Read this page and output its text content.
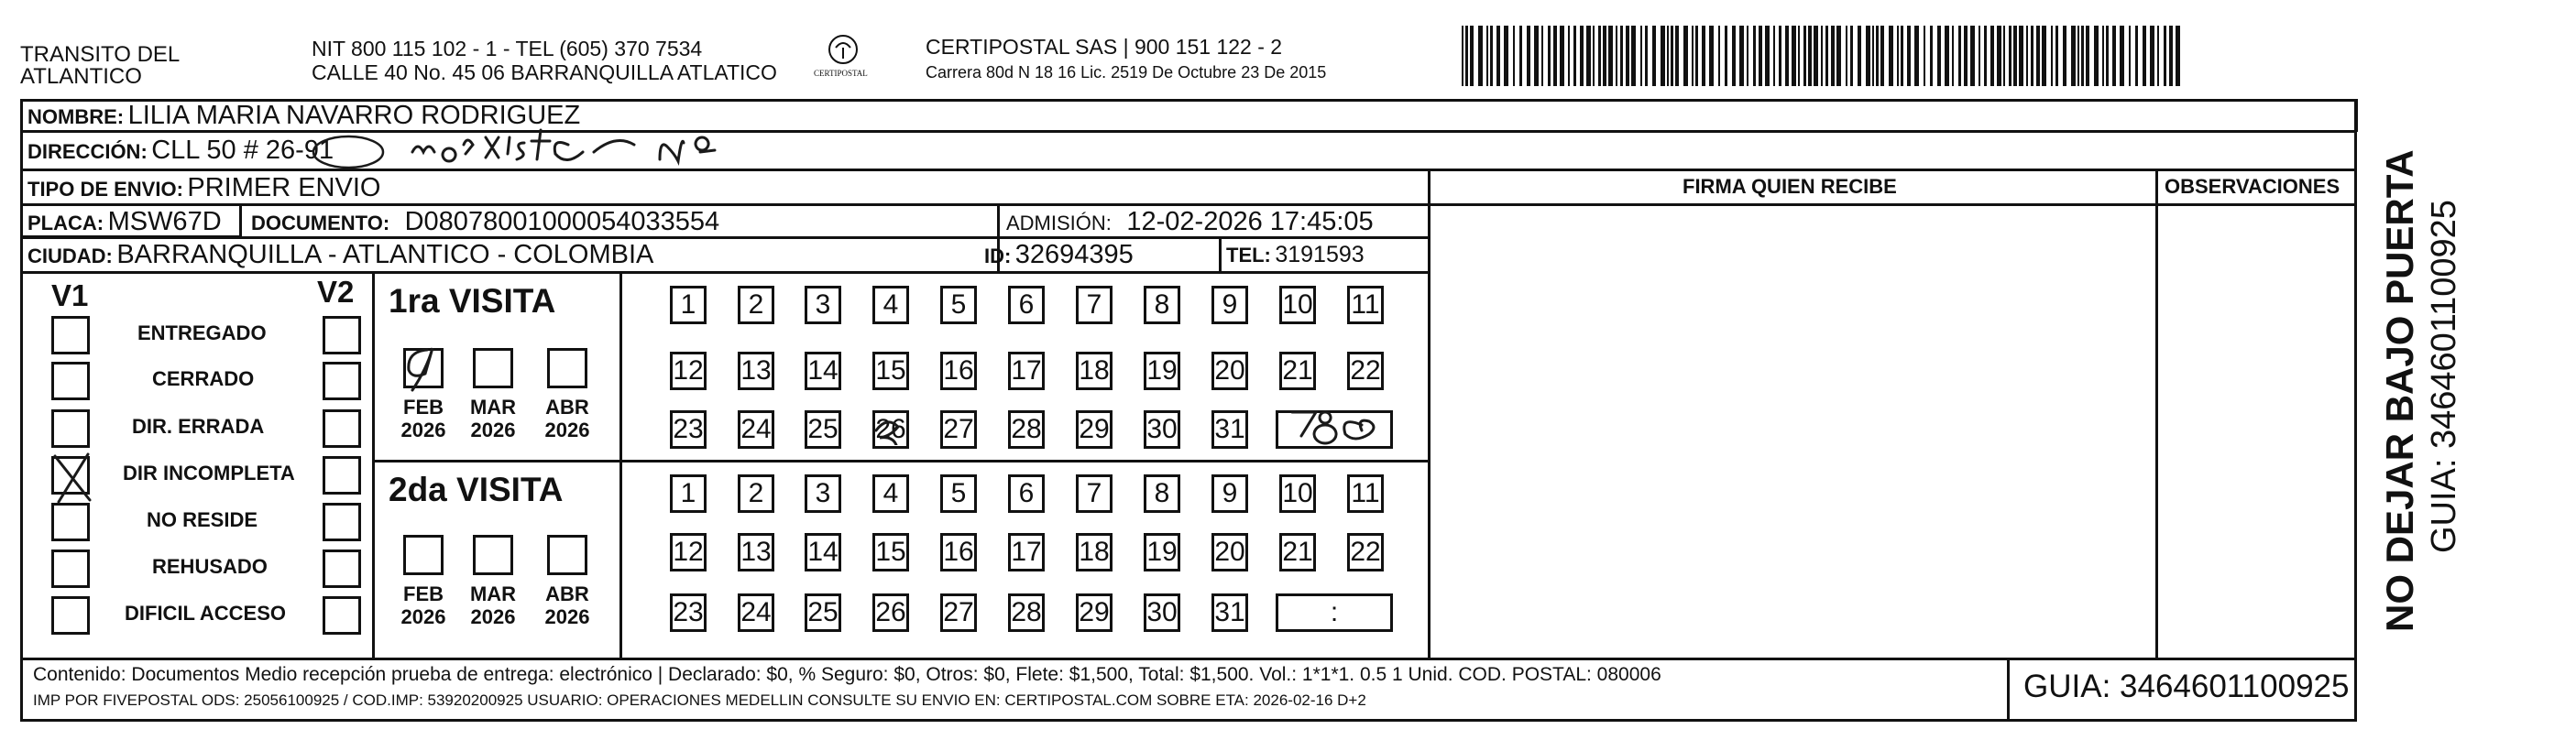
TRANSITO DEL
ATLANTICO
NIT 800 115 102 - 1 - TEL (605) 370 7534
CALLE 40 No. 45 06 BARRANQUILLA ATLATICO	CERTIPOSTAL
CERTIPOSTAL SAS | 900 151 122 - 2
Carrera 80d N 18 16 Lic. 2519 De Octubre 23 De 2015
NOMBRE: LILIA MARIA NAVARRO RODRIGUEZ
DIRECCIÓN: CLL 50 # 26-91
TIPO DE ENVIO: PRIMER ENVIO
PLACA: MSW67D DOCUMENTO: D08078001000054033554	ADMISIÓN: 12-02-2026 17:45:05
CIUDAD: BARRANQUILLA - ATLANTICO - COLOMBIA	ID: 32694395	TEL: 3191593
FIRMA QUIEN RECIBE	OBSERVACIONES
V1	V2
ENTREGADO
CERRADO
DIR. ERRADA
DIR INCOMPLETA
NO RESIDE
REHUSADO
DIFICIL ACCESO
1ra VISITA
2da VISITA
FEB
2026
MAR
2026
ABR
2026
FEB
2026
MAR
2026
ABR
2026
1	2	3	4	5	6	7	8	9	10 11
12 13 14 15 16 17 18 19 20 21 22
23 24 25 26 27 28 29 30 31
1	2	3	4	5	6	7	8	9	10 11
12 13 14 15 16 17 18 19 20 21 22
23 24 25 26 27 28 29 30 31	:
Contenido: Documentos Medio recepción prueba de entrega: electrónico | Declarado: $0, % Seguro: $0, Otros: $0, Flete: $1,500, Total: $1,500. Vol.: 1*1*1. 0.5 1 Unid. COD. POSTAL: 080006
IMP POR FIVEPOSTAL ODS: 25056100925 / COD.IMP: 53920200925 USUARIO: OPERACIONES MEDELLIN CONSULTE SU ENVIO EN: CERTIPOSTAL.COM SOBRE ETA: 2026-02-16 D+2	GUIA: 3464601100925
NO DEJAR BAJO PUERTA GUIA: 3464601100925
